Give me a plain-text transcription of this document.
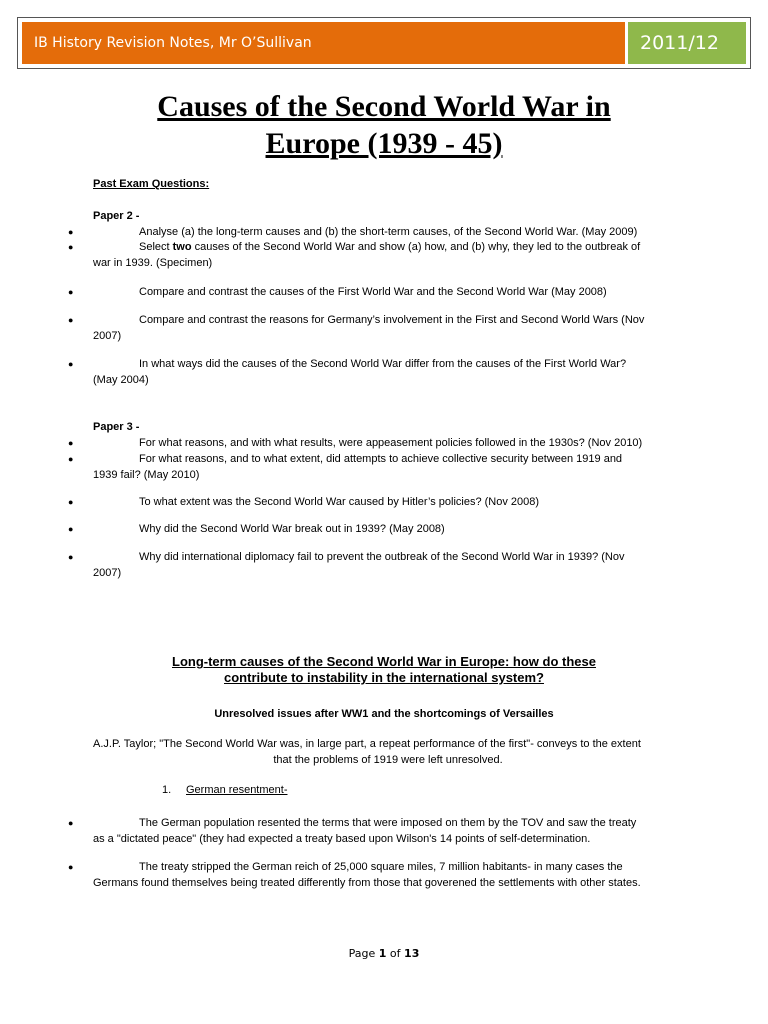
IB History Revision Notes, Mr O’Sullivan	2011/12
Causes of the Second World War in
Europe (1939 - 45)
Past Exam Questions:
Paper 2 -
●	Analyse (a) the long-term causes and (b) the short-term causes, of the Second World War. (May 2009)
●	Select two causes of the Second World War and show (a) how, and (b) why, they led to the outbreak of
war in 1939. (Specimen)
●	Compare and contrast the causes of the First World War and the Second World War (May 2008)
●	Compare and contrast the reasons for Germany’s involvement in the First and Second World Wars (Nov
2007)
●	In what ways did the causes of the Second World War differ from the causes of the First World War?
(May 2004)
Paper 3 -
●	For what reasons, and with what results, were appeasement policies followed in the 1930s? (Nov 2010)
●	For what reasons, and to what extent, did attempts to achieve collective security between 1919 and
1939 fail? (May 2010)
●	To what extent was the Second World War caused by Hitler’s policies? (Nov 2008)
●	Why did the Second World War break out in 1939? (May 2008)
●	Why did international diplomacy fail to prevent the outbreak of the Second World War in 1939? (Nov
2007)
Long-term causes of the Second World War in Europe: how do these
contribute to instability in the international system?
Unresolved issues after WW1 and the shortcomings of Versailles
A.J.P. Taylor; "The Second World War was, in large part, a repeat performance of the first"- conveys to the extent
that the problems of 1919 were left unresolved.
1. German resentment-
●	The German population resented the terms that were imposed on them by the TOV and saw the treaty
as a "dictated peace" (they had expected a treaty based upon Wilson's 14 points of self-determination.
●	The treaty stripped the German reich of 25,000 square miles, 7 million habitants- in many cases the
Germans found themselves being treated differently from those that goverened the settlements with other states.
Page 1 of 13
